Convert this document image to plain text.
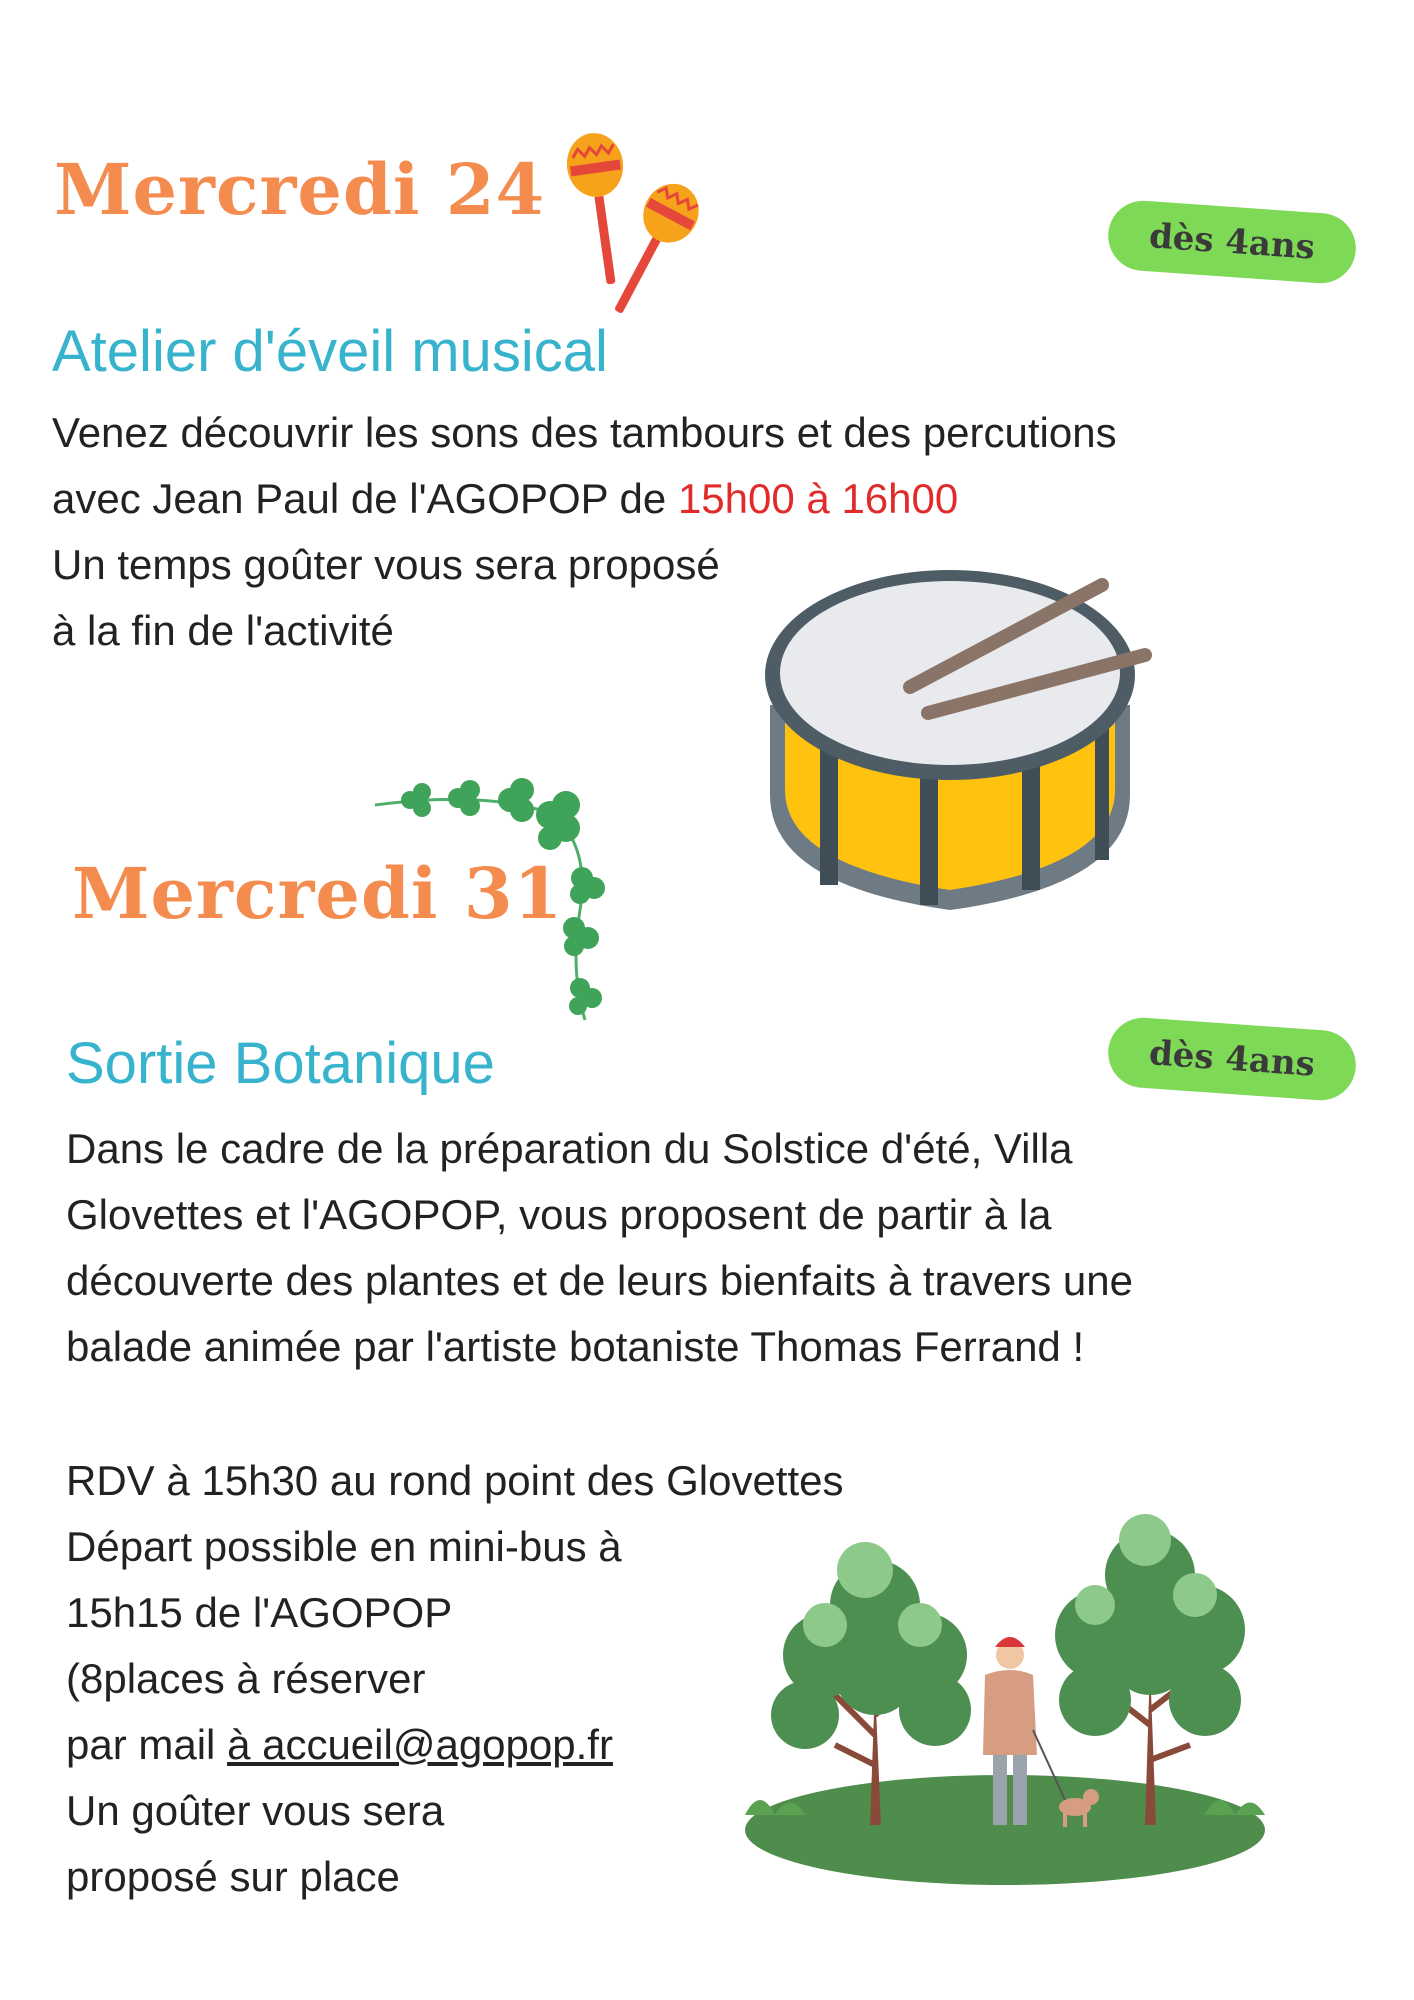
Mercredi 24
dès 4ans
Atelier d'éveil musical

Venez découvrir les sons des tambours et des percutions

avec Jean Paul de l'AGOPOP de 15h00 à 16h00

Un temps goûter vous sera proposé

à la fin de l'activité

Mercredi 31
dès 4ans
Sortie Botanique

Dans le cadre de la préparation du Solstice d'été, Villa

Glovettes et l'AGOPOP, vous proposent de partir à la

découverte des plantes et de leurs bienfaits à travers une

balade animée par l'artiste botaniste Thomas Ferrand !

RDV à 15h30 au rond point des Glovettes

Départ possible en mini-bus à

15h15 de l'AGOPOP

(8places à réserver

par mail à accueil@agopop.fr

Un goûter vous sera

proposé sur place
